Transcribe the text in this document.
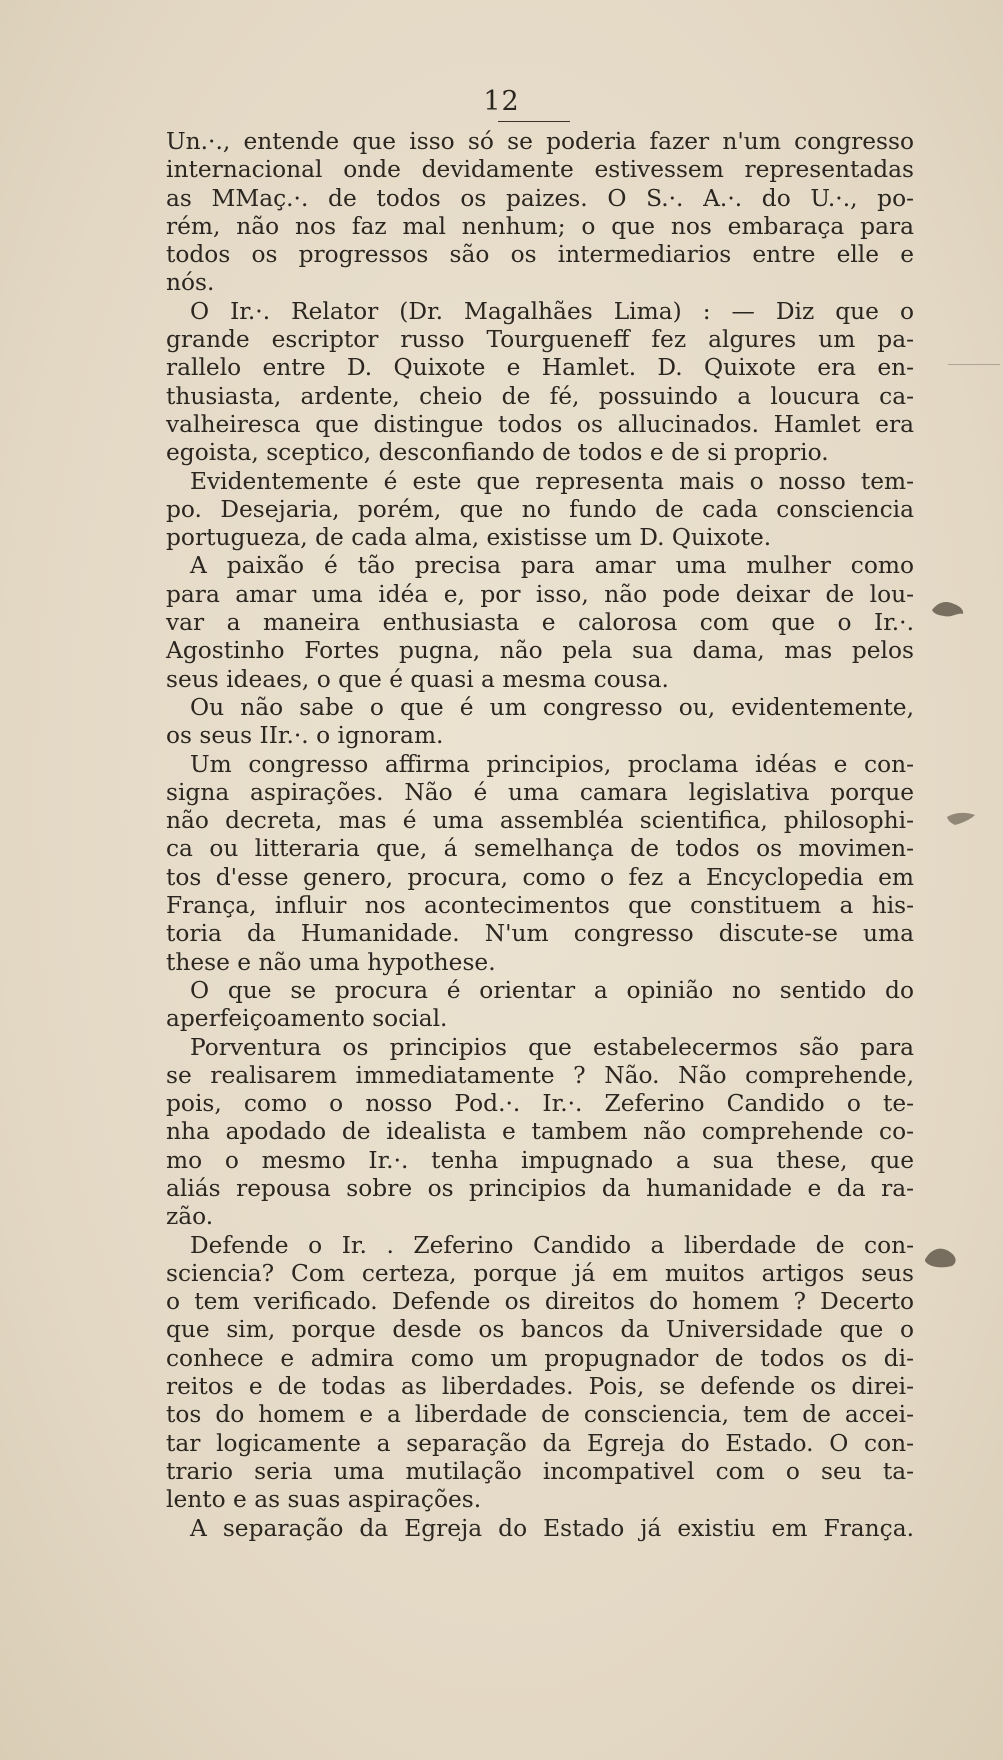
12
Un.·., entende que isso só se poderia fazer n'um congresso
internacional onde devidamente estivessem representadas
as MMaç.·. de todos os paizes. O S.·. A.·. do U.·., po-
rém, não nos faz mal nenhum; o que nos embaraça para
todos os progressos são os intermediarios entre elle e
nós.
O Ir.·. Relator (Dr. Magalhães Lima) : — Diz que o
grande escriptor russo Tourgueneff fez algures um pa-
rallelo entre D. Quixote e Hamlet. D. Quixote era en-
thusiasta, ardente, cheio de fé, possuindo a loucura ca-
valheiresca que distingue todos os allucinados. Hamlet era
egoista, sceptico, desconfiando de todos e de si proprio.
Evidentemente é este que representa mais o nosso tem-
po. Desejaria, porém, que no fundo de cada consciencia
portugueza, de cada alma, existisse um D. Quixote.
A paixão é tão precisa para amar uma mulher como
para amar uma idéa e, por isso, não pode deixar de lou-
var a maneira enthusiasta e calorosa com que o Ir.·.
Agostinho Fortes pugna, não pela sua dama, mas pelos
seus ideaes, o que é quasi a mesma cousa.
Ou não sabe o que é um congresso ou, evidentemente,
os seus IIr.·. o ignoram.
Um congresso affirma principios, proclama idéas e con-
signa aspirações. Não é uma camara legislativa porque
não decreta, mas é uma assembléa scientifica, philosophi-
ca ou litteraria que, á semelhança de todos os movimen-
tos d'esse genero, procura, como o fez a Encyclopedia em
França, influir nos acontecimentos que constituem a his-
toria da Humanidade. N'um congresso discute-se uma
these e não uma hypothese.
O que se procura é orientar a opinião no sentido do
aperfeiçoamento social.
Porventura os principios que estabelecermos são para
se realisarem immediatamente ? Não. Não comprehende,
pois, como o nosso Pod.·. Ir.·. Zeferino Candido o te-
nha apodado de idealista e tambem não comprehende co-
mo o mesmo Ir.·. tenha impugnado a sua these, que
aliás repousa sobre os principios da humanidade e da ra-
zão.
Defende o Ir. . Zeferino Candido a liberdade de con-
sciencia? Com certeza, porque já em muitos artigos seus
o tem verificado. Defende os direitos do homem ? Decerto
que sim, porque desde os bancos da Universidade que o
conhece e admira como um propugnador de todos os di-
reitos e de todas as liberdades. Pois, se defende os direi-
tos do homem e a liberdade de consciencia, tem de accei-
tar logicamente a separação da Egreja do Estado. O con-
trario seria uma mutilação incompativel com o seu ta-
lento e as suas aspirações.
A separação da Egreja do Estado já existiu em França.
